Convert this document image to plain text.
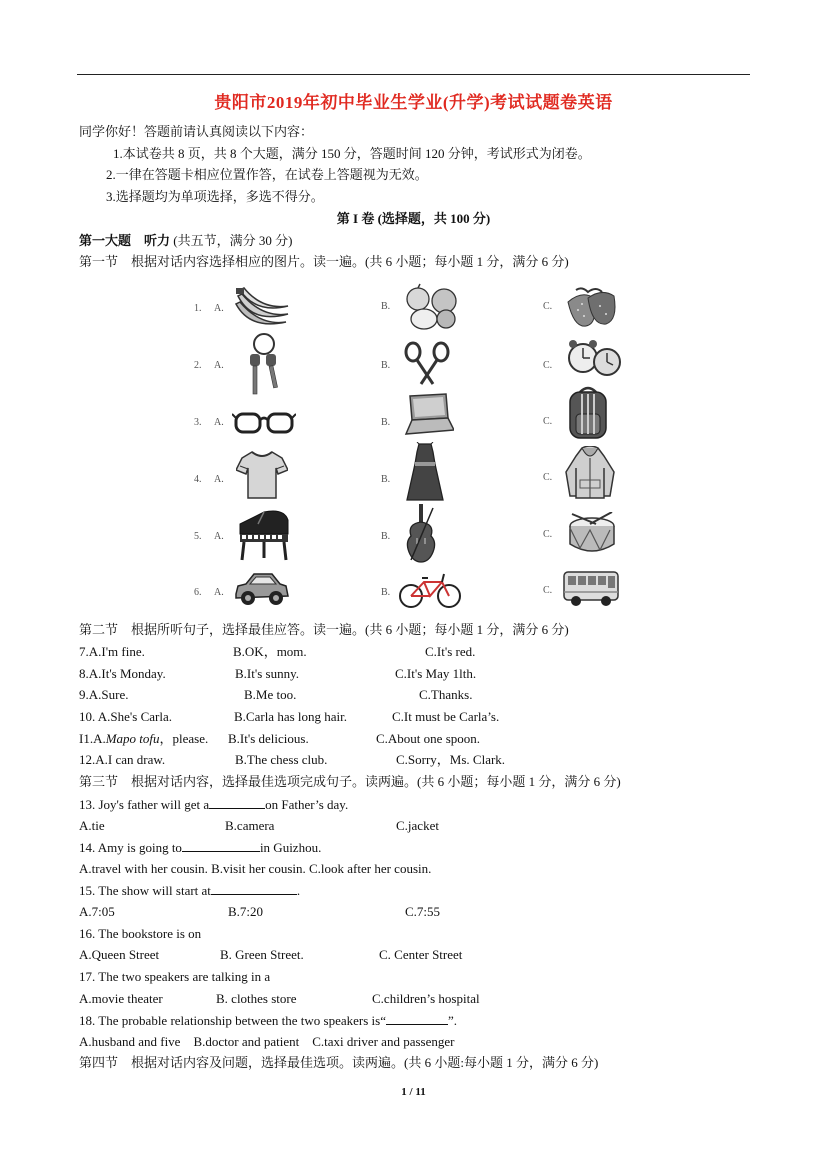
贵阳市2019年初中毕业生学业(升学)考试试题卷英语
同学你好！答题前请认真阅读以下内容：
1.本试卷共 8 页，共 8 个大题，满分 150 分，答题时间 120 分钟，考试形式为闭卷。
2.一律在答题卡相应位置作答，在试卷上答题视为无效。
3.选择题均为单项选择，多选不得分。
第 I 卷 (选择题，共 100 分)
第一大题　听力 (共五节，满分 30 分)
第一节　根据对话内容选择相应的图片。读一遍。(共 6 小题；每小题 1 分，满分 6 分)
1. A.	B.	C.
2. A.	B.	C.
3. A.	B.	C.
4. A.	B.	C.
5. A.	B.	C.
6. A.	B.	C.
第二节　根据所听句子，选择最佳应答。读一遍。(共 6 小题；每小题 1 分，满分 6 分)
7.A.I'm fine.	B.OK，mom.	C.It's red.
8.A.It's Monday.	B.It's sunny.	C.It's May 1lth.
9.A.Sure.	B.Me too.	C.Thanks.
10. A.She's Carla.	B.Carla has long hair.	C.It must be Carla’s.
I1.A.Mapo tofu，please. B.It's delicious.	C.About one spoon.
12.A.I can draw.	B.The chess club.	C.Sorry，Ms. Clark.
第三节　根据对话内容，选择最佳选项完成句子。读两遍。(共 6 小题；每小题 1 分，满分 6 分)
13. Joy's father will get a	on Father’s day.
A.tie	B.camera	C.jacket
14. Amy is going to	in Guizhou.
A.travel with her cousin. B.visit her cousin. C.look after her cousin.
15. The show will start at	.
A.7:05	B.7:20	C.7:55
16. The bookstore is on
A.Queen Street	B. Green Street.	C. Center Street
17. The two speakers are talking in a
A.movie theater	B. clothes store	C.children’s hospital
18. The probable relationship between the two speakers is“	”.
A.husband and five　B.doctor and patient　C.taxi driver and passenger
第四节　根据对话内容及问题，选择最佳选项。读两遍。(共 6 小题:每小题 1 分，满分 6 分)
1 / 11
